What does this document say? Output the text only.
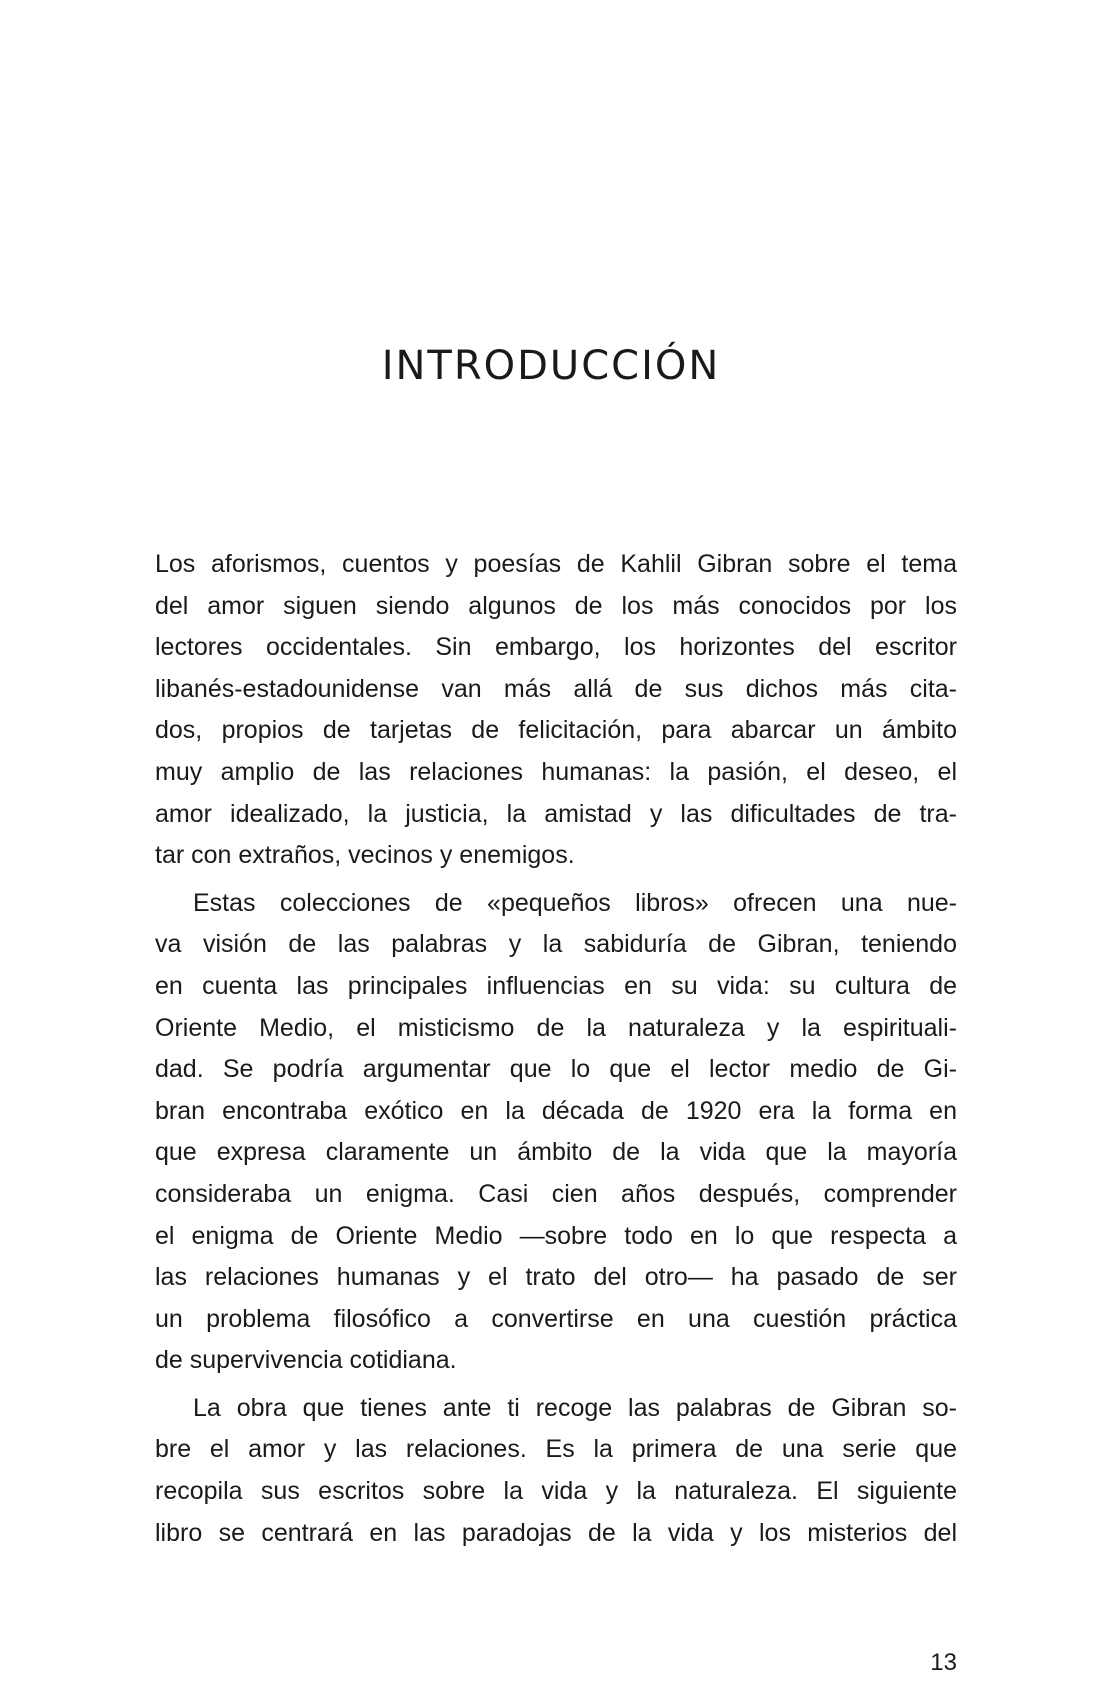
INTRODUCCIÓN

Los aforismos, cuentos y poesías de Kahlil Gibran sobre el tema
del amor siguen siendo algunos de los más conocidos por los
lectores occidentales. Sin embargo, los horizontes del escritor
libanés-estadounidense van más allá de sus dichos más cita-
dos, propios de tarjetas de felicitación, para abarcar un ámbito
muy amplio de las relaciones humanas: la pasión, el deseo, el
amor idealizado, la justicia, la amistad y las dificultades de tra-
tar con extraños, vecinos y enemigos.

Estas colecciones de «pequeños libros» ofrecen una nue-
va visión de las palabras y la sabiduría de Gibran, teniendo
en cuenta las principales influencias en su vida: su cultura de
Oriente Medio, el misticismo de la naturaleza y la espirituali-
dad. Se podría argumentar que lo que el lector medio de Gi-
bran encontraba exótico en la década de 1920 era la forma en
que expresa claramente un ámbito de la vida que la mayoría
consideraba un enigma. Casi cien años después, comprender
el enigma de Oriente Medio —sobre todo en lo que respecta a
las relaciones humanas y el trato del otro— ha pasado de ser
un problema filosófico a convertirse en una cuestión práctica
de supervivencia cotidiana.

La obra que tienes ante ti recoge las palabras de Gibran so-
bre el amor y las relaciones. Es la primera de una serie que
recopila sus escritos sobre la vida y la naturaleza. El siguiente
libro se centrará en las paradojas de la vida y los misterios del

13
